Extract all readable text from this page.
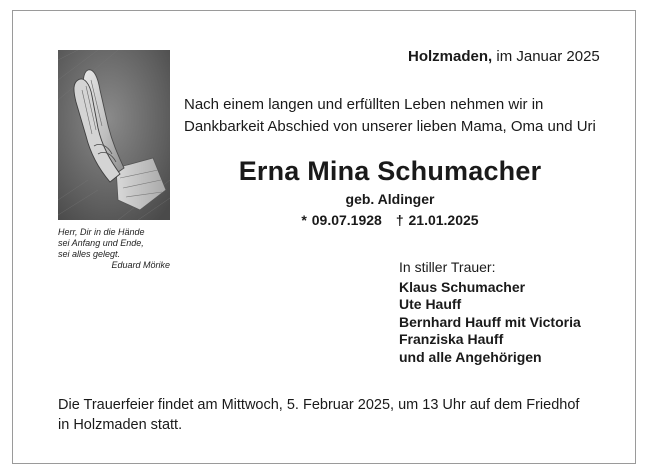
Herr, Dir in die Hände
sei Anfang und Ende,
sei alles gelegt.
Eduard Mörike
Holzmaden, im Januar 2025
Nach einem langen und erfüllten Leben nehmen wir in
Dankbarkeit Abschied von unserer lieben Mama, Oma und Uri
Erna Mina Schumacher
geb. Aldinger
* 09.07.1928 † 21.01.2025
In stiller Trauer:
Klaus Schumacher
Ute Hauff
Bernhard Hauff mit Victoria
Franziska Hauff
und alle Angehörigen
Die Trauerfeier findet am Mittwoch, 5. Februar 2025, um 13 Uhr auf dem Friedhof
in Holzmaden statt.
